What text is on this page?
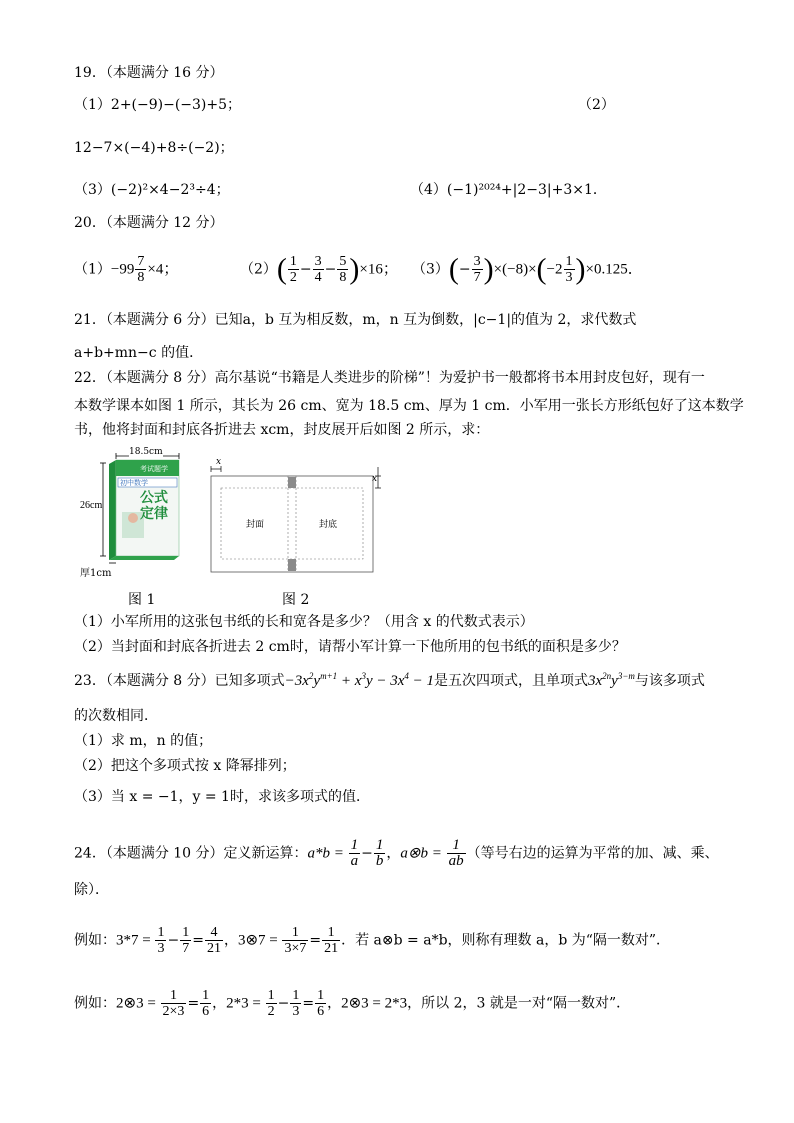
19．（本题满分 16 分）
（1）2+(−9)−(−3)+5；	（2）
12−7×(−4)+8÷(−2)；
（3）(−2)²×4−2³÷4；	（4）(−1)²⁰²⁴+|2−3|+3×1．
20．（本题满分 12 分）
$(1)-99 \frac{7}{8} \times 4$；	$(2)( \frac{1}{2} - \frac{3}{4} - \frac{5}{8} )\times 16$； $(3)(- \frac{3}{7} )\times(-8)\times(-2 \frac{1}{3} )\times 0.125$．
21．（本题满分 6 分）已知a，b 互为相反数，m，n 互为倒数，|c−1|的值为 2，求代数式
a+b+mn−c 的值．
22．（本题满分 8 分）高尔基说“书籍是人类进步的阶梯”！为爱护书一般都将书本用封皮包好，现有一
本数学课本如图 1 所示，其长为 26 cm、宽为 18.5 cm、厚为 1 cm．小军用一张长方形纸包好了这本数学
书，他将封面和封底各折进去 xcm，封皮展开后如图 2 所示，求：
18.5cm
26cm
厚1cm
考试题学
初中数学
公式
定律
图 1
x
x
封面	封底
图 2
（1）小军所用的这张包书纸的长和宽各是多少？（用含 x 的代数式表示）
（2）当封面和封底各折进去 2 cm时，请帮小军计算一下他所用的包书纸的面积是多少？
23．（本题满分 8 分）已知多项式$-3x^2y^{m+1} + x^3y - 3x^4 - 1$是五次四项式，且单项式$3x^{2n}y^{3-m}$与该多项式
的次数相同．
（1）求 m，n 的值；
（2）把这个多项式按 x 降幂排列；
（3）当 x = −1，y = 1时，求该多项式的值．
24．（本题满分 10 分）定义新运算：$a*b = \frac{1}{a} - \frac{1}{b}$ ，a⊗b = $\frac{1}{ab}$ （等号右边的运算为平常的加、减、乘、
除）．
例如：$3*7 = \frac{1}{3} - \frac{1}{7} = \frac{4}{21}$ ，3⊗7 = $\frac{1}{3\times 7} = \frac{1}{21}$ ．若 a⊗b = a*b，则称有理数 a，b 为“隔一数对”．
例如：2⊗3 = $\frac{1}{2\times 3} = \frac{1}{6}$ ，$2*3 = \frac{1}{2} - \frac{1}{3} = \frac{1}{6}$ ，2⊗3 = 2*3，所以 2，3 就是一对“隔一数对”．
